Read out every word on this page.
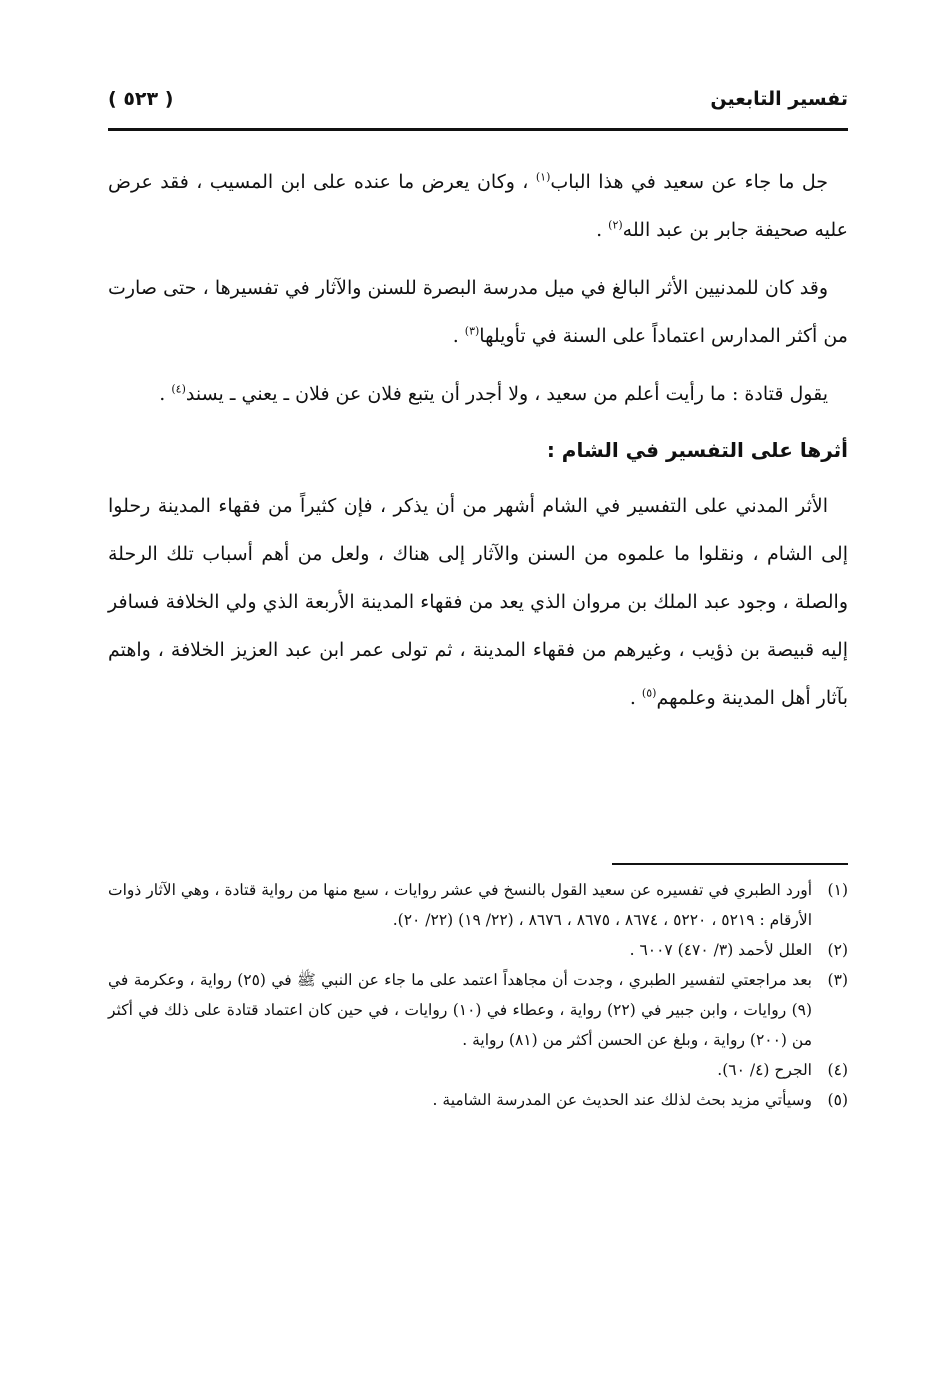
تفسير التابعين
( ٥٢٣ )

جل ما جاء عن سعيد في هذا الباب$^{(١)}$ ، وكان يعرض ما عنده على ابن المسيب ، فقد عرض عليه صحيفة جابر بن عبد الله$^{(٢)}$ .

وقد كان للمدنيين الأثر البالغ في ميل مدرسة البصرة للسنن والآثار في تفسيرها ، حتى صارت من أكثر المدارس اعتماداً على السنة في تأويلها$^{(٣)}$ .

يقول قتادة : ما رأيت أعلم من سعيد ، ولا أجدر أن يتبع فلان عن فلان ـ يعني ـ يسند$^{(٤)}$ .

أثرها على التفسير في الشام :

الأثر المدني على التفسير في الشام أشهر من أن يذكر ، فإن كثيراً من فقهاء المدينة رحلوا إلى الشام ، ونقلوا ما علموه من السنن والآثار إلى هناك ، ولعل من أهم أسباب تلك الرحلة والصلة ، وجود عبد الملك بن مروان الذي يعد من فقهاء المدينة الأربعة الذي ولي الخلافة فسافر إليه قبيصة بن ذؤيب ، وغيرهم من فقهاء المدينة ، ثم تولى عمر ابن عبد العزيز الخلافة ، واهتم بآثار أهل المدينة وعلمهم$^{(٥)}$ .

(١)
أورد الطبري في تفسيره عن سعيد القول بالنسخ في عشر روايات ، سبع منها من رواية قتادة ، وهي الآثار ذوات الأرقام : ٥٢١٩ ، ٥٢٢٠ ، ٨٦٧٤ ، ٨٦٧٥ ، ٨٦٧٦ ، (٢٢/ ١٩) (٢٢/ ٢٠).

(٢)
العلل لأحمد (٣/ ٤٧٠) ٦٠٠٧ .

(٣)
بعد مراجعتي لتفسير الطبري ، وجدت أن مجاهداً اعتمد على ما جاء عن النبي ﷺ في (٢٥) رواية ، وعكرمة في (٩) روايات ، وابن جبير في (٢٢) رواية ، وعطاء في (١٠) روايات ، في حين كان اعتماد قتادة على ذلك في أكثر من (٢٠٠) رواية ، وبلغ عن الحسن أكثر من (٨١) رواية .

(٤)
الجرح (٤/ ٦٠).

(٥)
وسيأتي مزيد بحث لذلك عند الحديث عن المدرسة الشامية .
